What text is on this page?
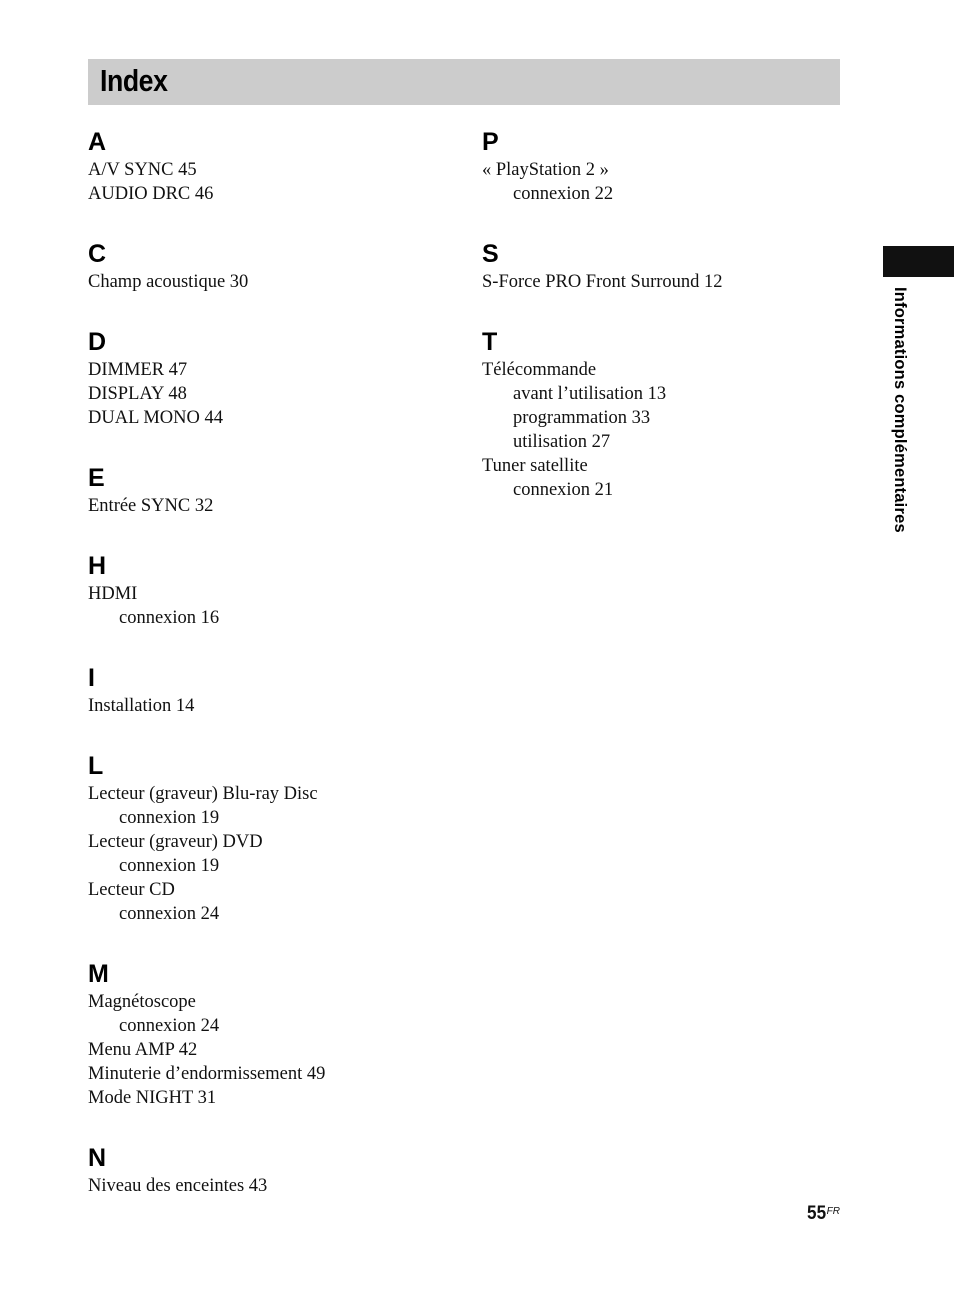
Index
A
A/V SYNC 45
AUDIO DRC 46
C
Champ acoustique 30
D
DIMMER 47
DISPLAY 48
DUAL MONO 44
E
Entrée SYNC 32
H
HDMI
connexion 16
I
Installation 14
L
Lecteur (graveur) Blu-ray Disc
connexion 19
Lecteur (graveur) DVD
connexion 19
Lecteur CD
connexion 24
M
Magnétoscope
connexion 24
Menu AMP 42
Minuterie d’endormissement 49
Mode NIGHT 31
N
Niveau des enceintes 43
P
« PlayStation 2 »
connexion 22
S
S-Force PRO Front Surround 12
T
Télécommande
avant l’utilisation 13
programmation 33
utilisation 27
Tuner satellite
connexion 21	Informations complémentaires
$55^{FR}$
